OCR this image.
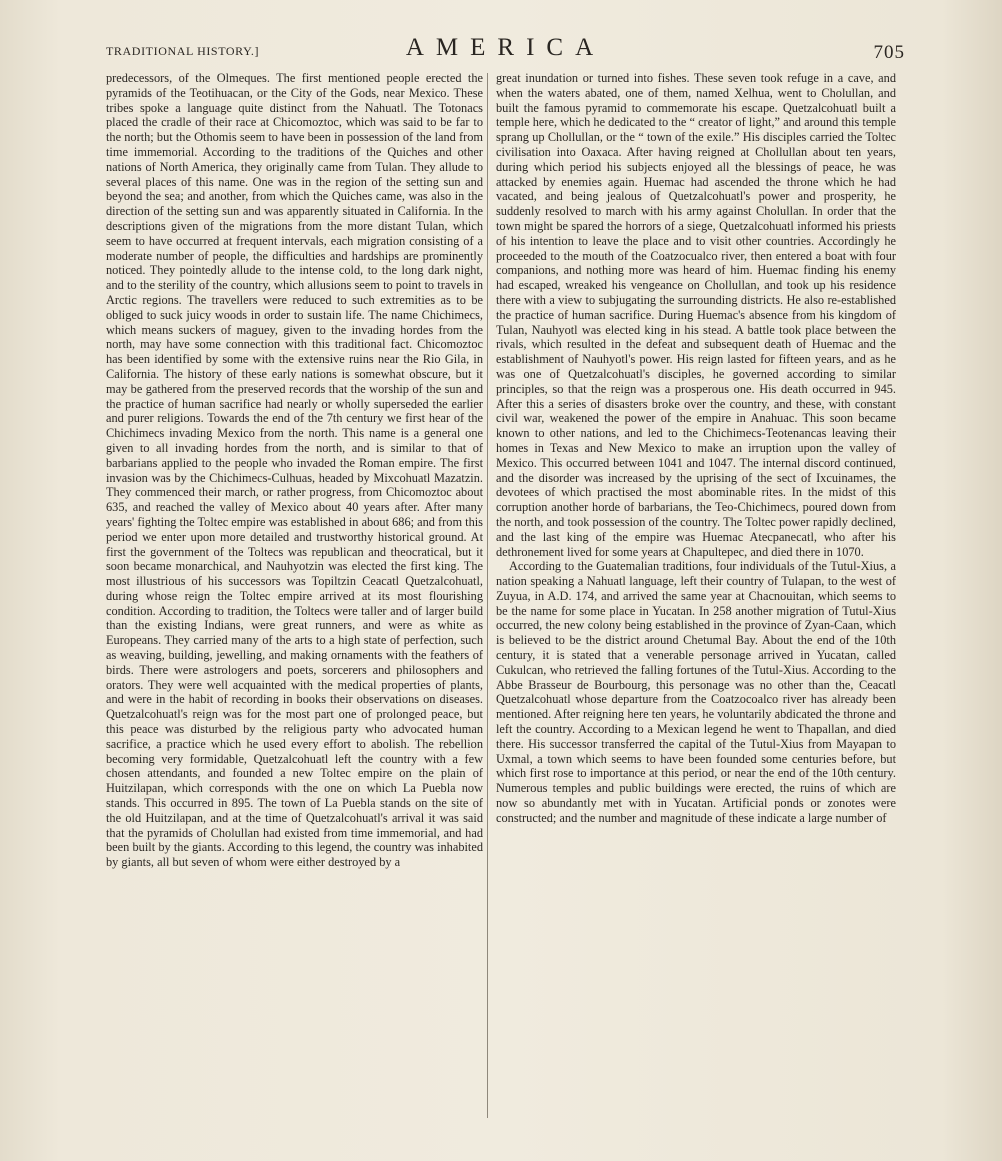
TRADITIONAL HISTORY.]	AMERICA	705

predecessors, of the Olmeques. The first mentioned people erected the pyramids of the Teotihuacan, or the City of the Gods, near Mexico. These tribes spoke a language quite distinct from the Nahuatl. The Totonacs placed the cradle of their race at Chicomoztoc, which was said to be far to the north; but the Othomis seem to have been in possession of the land from time immemorial. According to the traditions of the Quiches and other nations of North America, they originally came from Tulan. They allude to several places of this name. One was in the region of the setting sun and beyond the sea; and another, from which the Quiches came, was also in the direction of the setting sun and was apparently situated in California. In the descriptions given of the migrations from the more distant Tulan, which seem to have occurred at frequent intervals, each migration consisting of a moderate number of people, the difficulties and hardships are prominently noticed. They pointedly allude to the intense cold, to the long dark night, and to the sterility of the country, which allusions seem to point to travels in Arctic regions. The travellers were reduced to such extremities as to be obliged to suck juicy woods in order to sustain life. The name Chichimecs, which means suckers of maguey, given to the invading hordes from the north, may have some connection with this traditional fact. Chicomoztoc has been identified by some with the extensive ruins near the Rio Gila, in California. The history of these early nations is somewhat obscure, but it may be gathered from the preserved records that the worship of the sun and the practice of human sacrifice had nearly or wholly superseded the earlier and purer religions. Towards the end of the 7th century we first hear of the Chichimecs invading Mexico from the north. This name is a general one given to all invading hordes from the north, and is similar to that of barbarians applied to the people who invaded the Roman empire. The first invasion was by the Chichimecs-Culhuas, headed by Mixcohuatl Mazatzin. They commenced their march, or rather progress, from Chicomoztoc about 635, and reached the valley of Mexico about 40 years after. After many years' fighting the Toltec empire was established in about 686; and from this period we enter upon more detailed and trustworthy historical ground. At first the government of the Toltecs was republican and theocratical, but it soon became monarchical, and Nauhyotzin was elected the first king. The most illustrious of his successors was Topiltzin Ceacatl Quetzalcohuatl, during whose reign the Toltec empire arrived at its most flourishing condition. According to tradition, the Toltecs were taller and of larger build than the existing Indians, were great runners, and were as white as Europeans. They carried many of the arts to a high state of perfection, such as weaving, building, jewelling, and making ornaments with the feathers of birds. There were astrologers and poets, sorcerers and philosophers and orators. They were well acquainted with the medical properties of plants, and were in the habit of recording in books their observations on diseases. Quetzalcohuatl's reign was for the most part one of prolonged peace, but this peace was disturbed by the religious party who advocated human sacrifice, a practice which he used every effort to abolish. The rebellion becoming very formidable, Quetzalcohuatl left the country with a few chosen attendants, and founded a new Toltec empire on the plain of Huitzilapan, which corresponds with the one on which La Puebla now stands. This occurred in 895. The town of La Puebla stands on the site of the old Huitzilapan, and at the time of Quetzalcohuatl's arrival it was said that the pyramids of Cholullan had existed from time immemorial, and had been built by the giants. According to this legend, the country was inhabited by giants, all but seven of whom were either destroyed by a

great inundation or turned into fishes. These seven took refuge in a cave, and when the waters abated, one of them, named Xelhua, went to Cholullan, and built the famous pyramid to commemorate his escape. Quetzalcohuatl built a temple here, which he dedicated to the “ creator of light,” and around this temple sprang up Chollullan, or the “ town of the exile.” His disciples carried the Toltec civilisation into Oaxaca. After having reigned at Chollullan about ten years, during which period his subjects enjoyed all the blessings of peace, he was attacked by enemies again. Huemac had ascended the throne which he had vacated, and being jealous of Quetzalcohuatl's power and prosperity, he suddenly resolved to march with his army against Cholullan. In order that the town might be spared the horrors of a siege, Quetzalcohuatl informed his priests of his intention to leave the place and to visit other countries. Accordingly he proceeded to the mouth of the Coatzocualco river, then entered a boat with four companions, and nothing more was heard of him. Huemac finding his enemy had escaped, wreaked his vengeance on Chollullan, and took up his residence there with a view to subjugating the surrounding districts. He also re-established the practice of human sacrifice. During Huemac's absence from his kingdom of Tulan, Nauhyotl was elected king in his stead. A battle took place between the rivals, which resulted in the defeat and subsequent death of Huemac and the establishment of Nauhyotl's power. His reign lasted for fifteen years, and as he was one of Quetzalcohuatl's disciples, he governed according to similar principles, so that the reign was a prosperous one. His death occurred in 945. After this a series of disasters broke over the country, and these, with constant civil war, weakened the power of the empire in Anahuac. This soon became known to other nations, and led to the Chichimecs-Teotenancas leaving their homes in Texas and New Mexico to make an irruption upon the valley of Mexico. This occurred between 1041 and 1047. The internal discord continued, and the disorder was increased by the uprising of the sect of Ixcuinames, the devotees of which practised the most abominable rites. In the midst of this corruption another horde of barbarians, the Teo-Chichimecs, poured down from the north, and took possession of the country. The Toltec power rapidly declined, and the last king of the empire was Huemac Atecpanecatl, who after his dethronement lived for some years at Chapultepec, and died there in 1070.

According to the Guatemalian traditions, four individuals of the Tutul-Xius, a nation speaking a Nahuatl language, left their country of Tulapan, to the west of Zuyua, in A.D. 174, and arrived the same year at Chacnouitan, which seems to be the name for some place in Yucatan. In 258 another migration of Tutul-Xius occurred, the new colony being established in the province of Zyan-Caan, which is believed to be the district around Chetumal Bay. About the end of the 10th century, it is stated that a venerable personage arrived in Yucatan, called Cukulcan, who retrieved the falling fortunes of the Tutul-Xius. According to the Abbe Brasseur de Bourbourg, this personage was no other than the, Ceacatl Quetzalcohuatl whose departure from the Coatzocoalco river has already been mentioned. After reigning here ten years, he voluntarily abdicated the throne and left the country. According to a Mexican legend he went to Thapallan, and died there. His successor transferred the capital of the Tutul-Xius from Mayapan to Uxmal, a town which seems to have been founded some centuries before, but which first rose to importance at this period, or near the end of the 10th century. Numerous temples and public buildings were erected, the ruins of which are now so abundantly met with in Yucatan. Artificial ponds or zonotes were constructed; and the number and magnitude of these indicate a large number of
